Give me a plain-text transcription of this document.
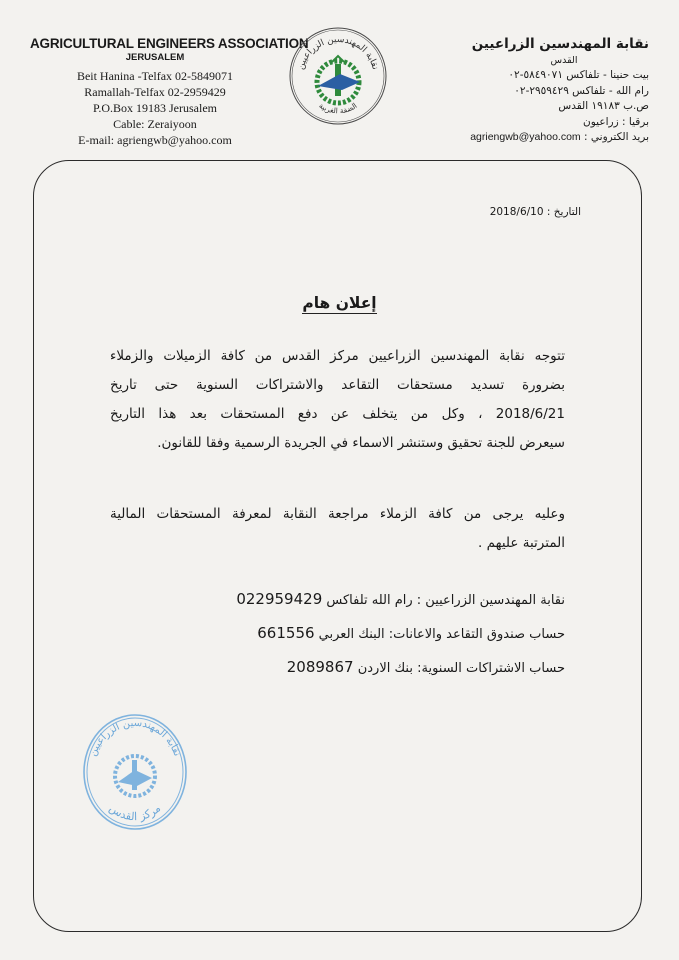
AGRICULTURAL ENGINEERS ASSOCIATION
JERUSALEM
Beit Hanina -Telfax 02-5849071
Ramallah-Telfax 02-2959429
P.O.Box 19183 Jerusalem
Cable: Zeraiyoon
E-mail: agriengwb@yahoo.com
نقابة المهندسين الزراعيين
الضفة الغربية
نقابة المهندسين الزراعيين
القدس
بيت حنينا - تلفاكس ٥٨٤٩٠٧١-٠٢
رام الله - تلفاكس ٢٩٥٩٤٢٩-٠٢
ص.ب ١٩١٨٣ القدس
برقيا : زراعيون
بريد الكتروني : agriengwb@yahoo.com
التاريخ : 2018/6/10
إعلان هام
تتوجه نقابة المهندسين الزراعيين مركز القدس من كافة الزميلات والزملاء
بضرورة تسديد مستحقات التقاعد والاشتراكات السنوية حتى تاريخ
2018/6/21 ، وكل من يتخلف عن دفع المستحقات بعد هذا التاريخ
سيعرض للجنة تحقيق وستنشر الاسماء في الجريدة الرسمية وفقا للقانون.
وعليه يرجى من كافة الزملاء مراجعة النقابة لمعرفة المستحقات المالية
المترتبة عليهم .
نقابة المهندسين الزراعيين : رام الله تلفاكس 022959429
حساب صندوق التقاعد والاعانات: البنك العربي 661556
حساب الاشتراكات السنوية: بنك الاردن 2089867
نقابة المهندسين الزراعيين
مركز القدس
